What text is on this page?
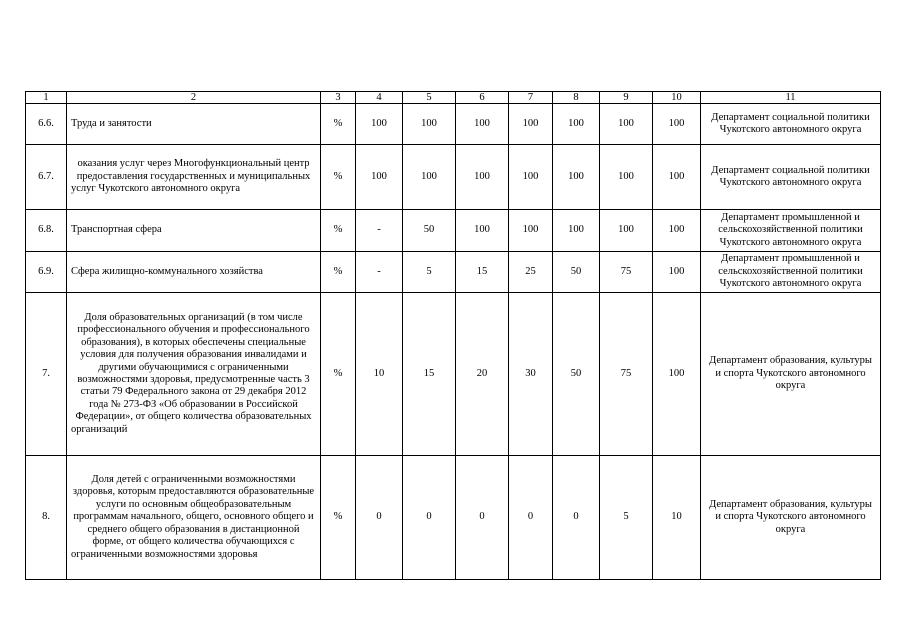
1	2	3	4	5	6	7	8	9	10	11
6.6.	Труда и занятости	%	100	100	100	100	100	100	100	Департамент социальной политики Чукотского автономного округа
6.7.	оказания услуг через Многофункциональный центр предоставления государственных и муниципальных услуг Чукотского автономного округа	%	100	100	100	100	100	100	100	Департамент социальной политики Чукотского автономного округа
6.8.	Транспортная сфера	%	-	50	100	100	100	100	100	Департамент промышленной и сельскохозяйственной политики Чукотского автономного округа
6.9.	Сфера жилищно-коммунального хозяйства	%	-	5	15	25	50	75	100	Департамент промышленной и сельскохозяйственной политики Чукотского автономного округа
7.	Доля образовательных организаций (в том числе профессионального обучения и профессионального образования), в которых обеспечены специальные условия для получения образования инвалидами и другими обучающимися с ограниченными возможностями здоровья, предусмотренные часть 3 статьи 79 Федерального закона от 29 декабря 2012 года № 273-ФЗ «Об образовании в Российской Федерации», от общего количества образовательных организаций	%	10	15	20	30	50	75	100	Департамент образования, культуры и спорта Чукотского автономного округа
8.	Доля детей с ограниченными возможностями здоровья, которым предоставляются образовательные услуги по основным общеобразовательным программам начального, общего, основного общего и среднего общего образования в дистанционной форме, от общего количества обучающихся с ограниченными возможностями здоровья	%	0	0	0	0	0	5	10	Департамент образования, культуры и спорта Чукотского автономного округа
